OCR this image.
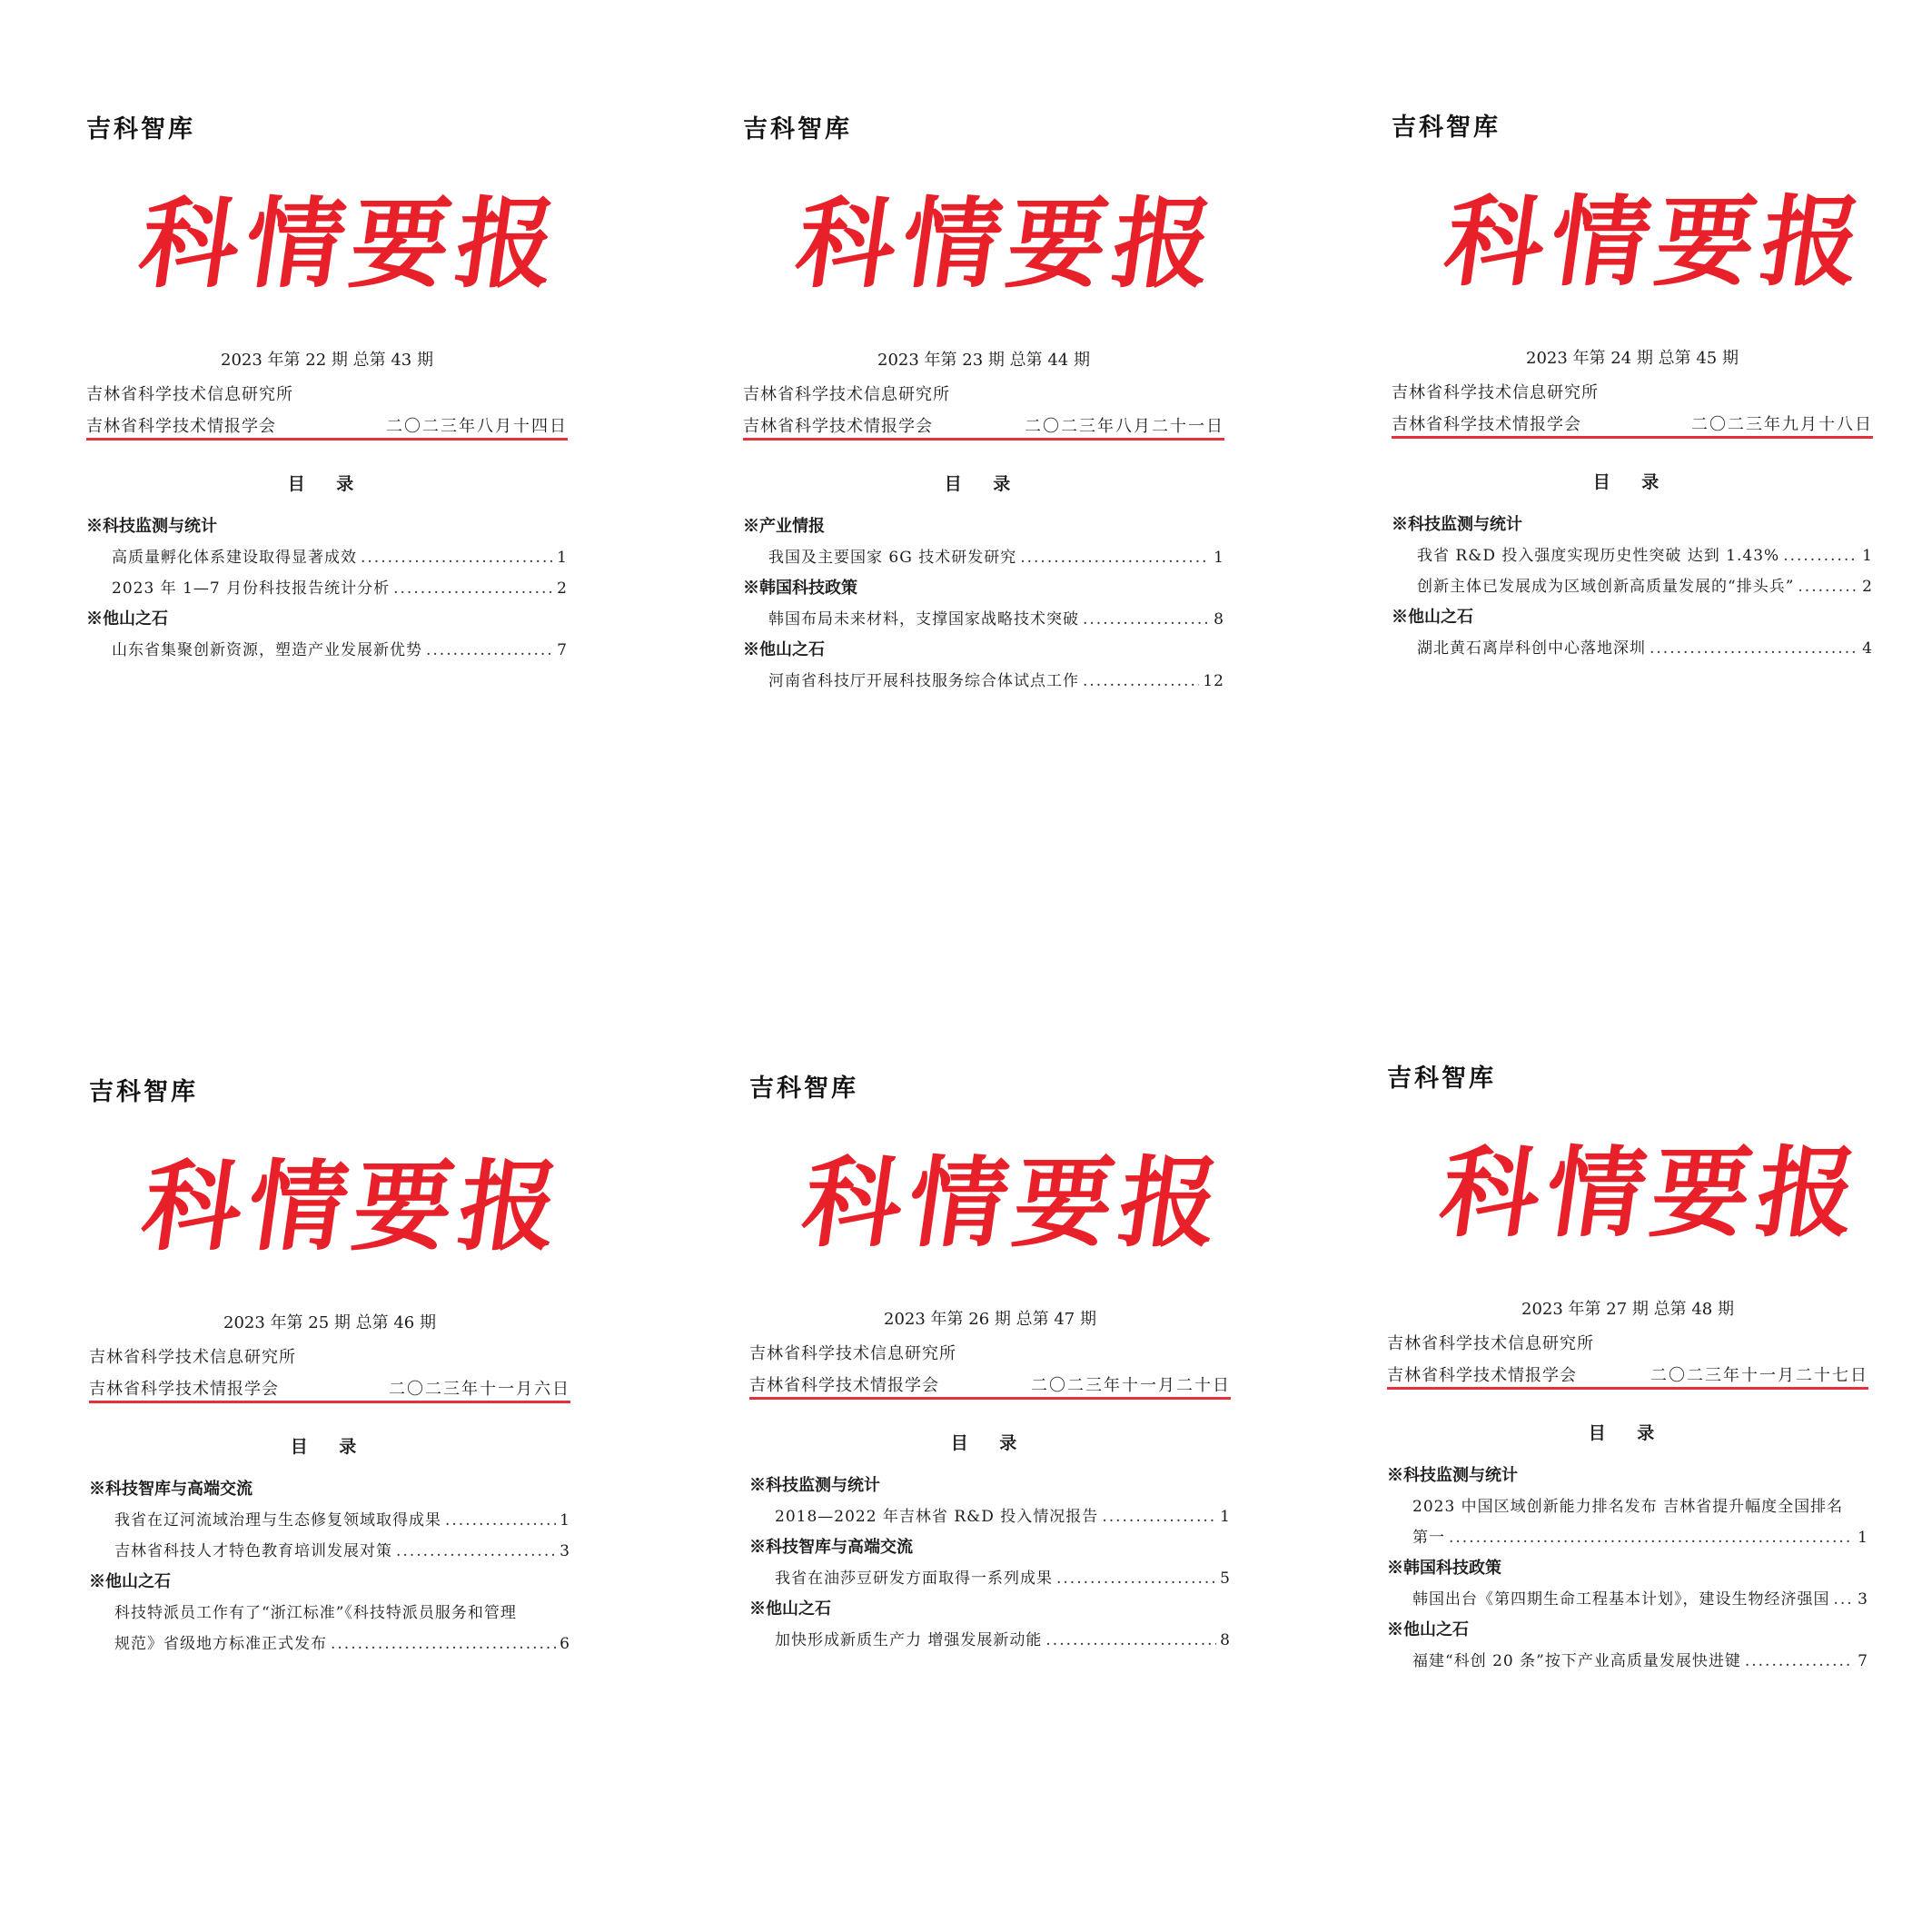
吉科智库
科情要报
2023 年第 22 期 总第 43 期
吉林省科学技术信息研究所
吉林省科学技术情报学会	二〇二三年八月十四日
目 录
※科技监测与统计
高质量孵化体系建设取得显著成效 .....	1
2023 年 1—7 月份科技报告统计分析 .....	2
※他山之石
山东省集聚创新资源，塑造产业发展新优势 .....	7
吉科智库
科情要报
2023 年第 23 期 总第 44 期
吉林省科学技术信息研究所
吉林省科学技术情报学会	二〇二三年八月二十一日
目 录
※产业情报
我国及主要国家 6G 技术研发研究 .....	1
※韩国科技政策
韩国布局未来材料，支撑国家战略技术突破 .....	8
※他山之石
河南省科技厅开展科技服务综合体试点工作 .....	12
吉科智库
科情要报
2023 年第 24 期 总第 45 期
吉林省科学技术信息研究所
吉林省科学技术情报学会	二〇二三年九月十八日
目 录
※科技监测与统计
我省 R&D 投入强度实现历史性突破 达到 1.43% .....	1
创新主体已发展成为区域创新高质量发展的“排头兵” .....	2
※他山之石
湖北黄石离岸科创中心落地深圳 .....	4
吉科智库
科情要报
2023 年第 25 期 总第 46 期
吉林省科学技术信息研究所
吉林省科学技术情报学会	二〇二三年十一月六日
目 录
※科技智库与高端交流
我省在辽河流域治理与生态修复领域取得成果 .....	1
吉林省科技人才特色教育培训发展对策 .....	3
※他山之石
科技特派员工作有了“浙江标准”《科技特派员服务和管理
规范》省级地方标准正式发布 .....	6
吉科智库
科情要报
2023 年第 26 期 总第 47 期
吉林省科学技术信息研究所
吉林省科学技术情报学会	二〇二三年十一月二十日
目 录
※科技监测与统计
2018—2022 年吉林省 R&D 投入情况报告 .....	1
※科技智库与高端交流
我省在油莎豆研发方面取得一系列成果 .....	5
※他山之石
加快形成新质生产力 增强发展新动能 .....	8
吉科智库
科情要报
2023 年第 27 期 总第 48 期
吉林省科学技术信息研究所
吉林省科学技术情报学会	二〇二三年十一月二十七日
目 录
※科技监测与统计
2023 中国区域创新能力排名发布 吉林省提升幅度全国排名
第一 .....	1
※韩国科技政策
韩国出台《第四期生命工程基本计划》，建设生物经济强国 ..... 3
※他山之石
福建“科创 20 条”按下产业高质量发展快进键 .....	7
